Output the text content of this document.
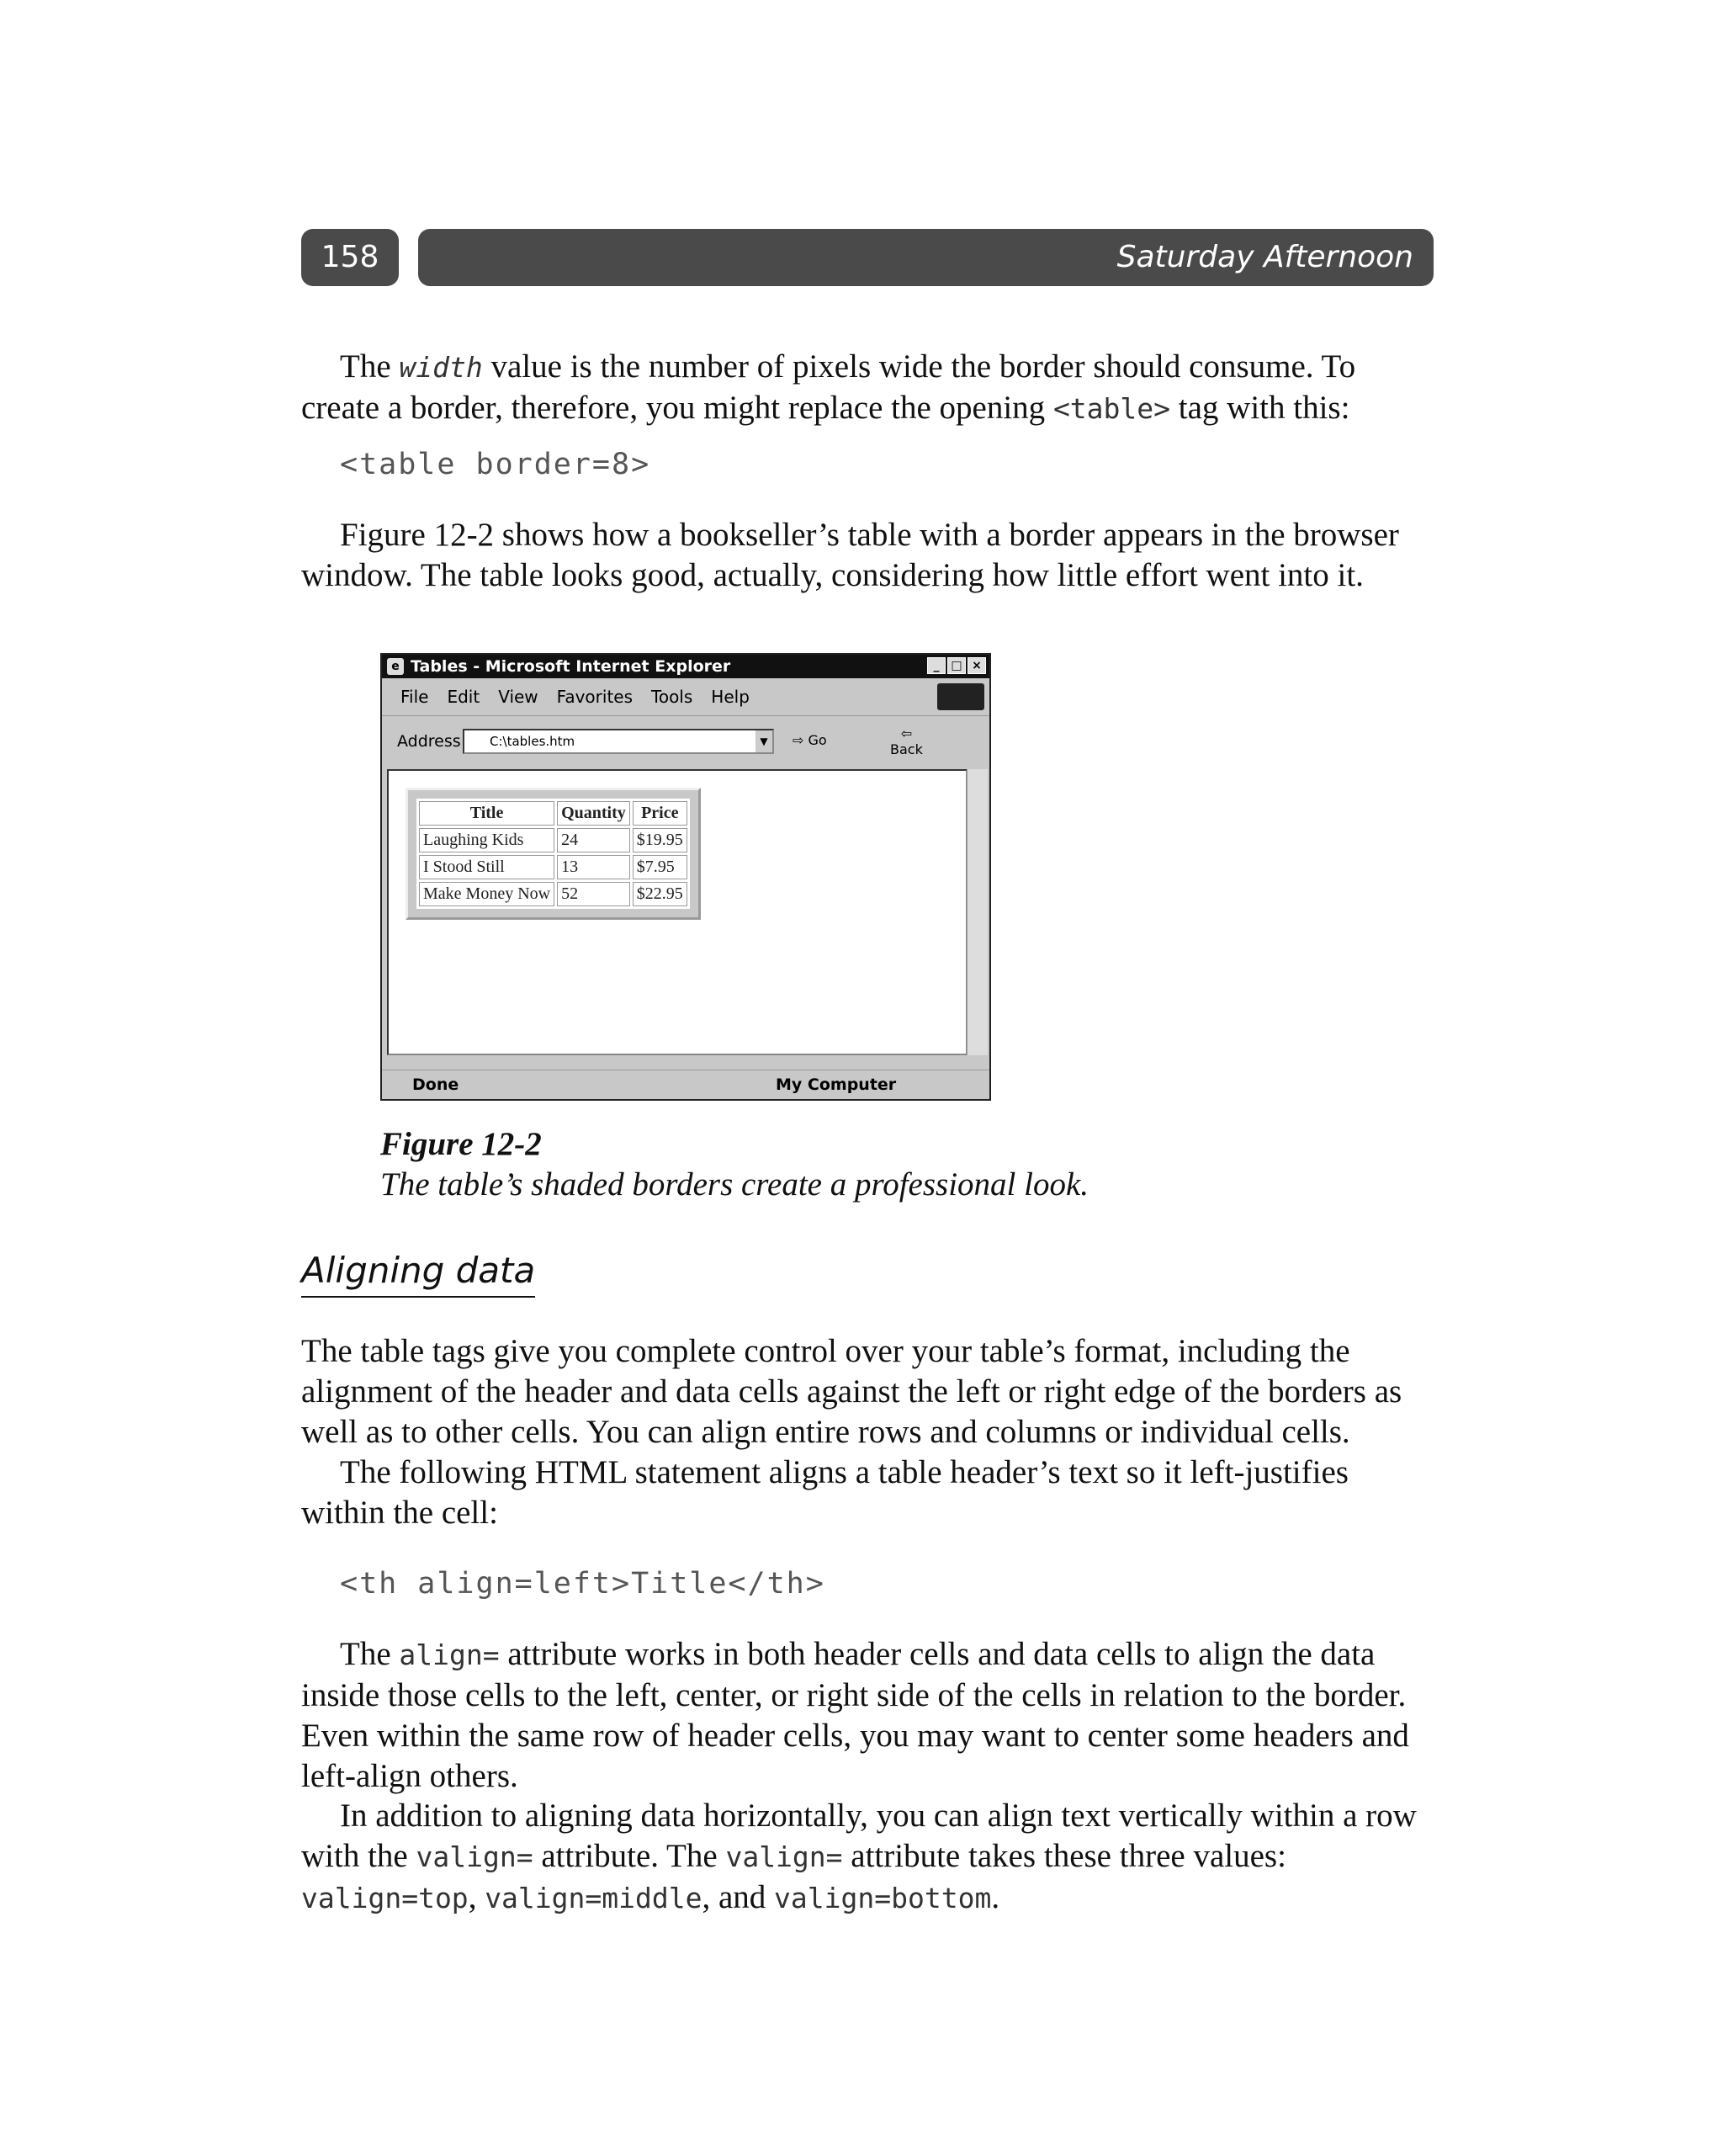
158	Saturday Afternoon

The width value is the number of pixels wide the border should consume. To create a border, therefore, you might replace the opening <table> tag with this:

<table border=8>

Figure 12-2 shows how a bookseller’s table with a border appears in the browser window. The table looks good, actually, considering how little effort went into it.

e Tables - Microsoft Internet Explorer	_ □ ×
File Edit View Favorites Tools Help
Address	C:\tables.htm	▼	⇨ Go	⇦
Back
Title	Quantity	Price
Laughing Kids	24	$19.95
I Stood Still	13	$7.95
Make Money Now	52	$22.95
Done	My Computer
Figure 12-2
The table’s shaded borders create a professional look.
Aligning data

The table tags give you complete control over your table’s format, including the alignment of the header and data cells against the left or right edge of the borders as well as to other cells. You can align entire rows and columns or individual cells.

The following HTML statement aligns a table header’s text so it left-justifies within the cell:

<th align=left>Title</th>

The align= attribute works in both header cells and data cells to align the data inside those cells to the left, center, or right side of the cells in relation to the border. Even within the same row of header cells, you may want to center some headers and left-align others.

In addition to aligning data horizontally, you can align text vertically within a row with the valign= attribute. The valign= attribute takes these three values: valign=top, valign=middle, and valign=bottom.
